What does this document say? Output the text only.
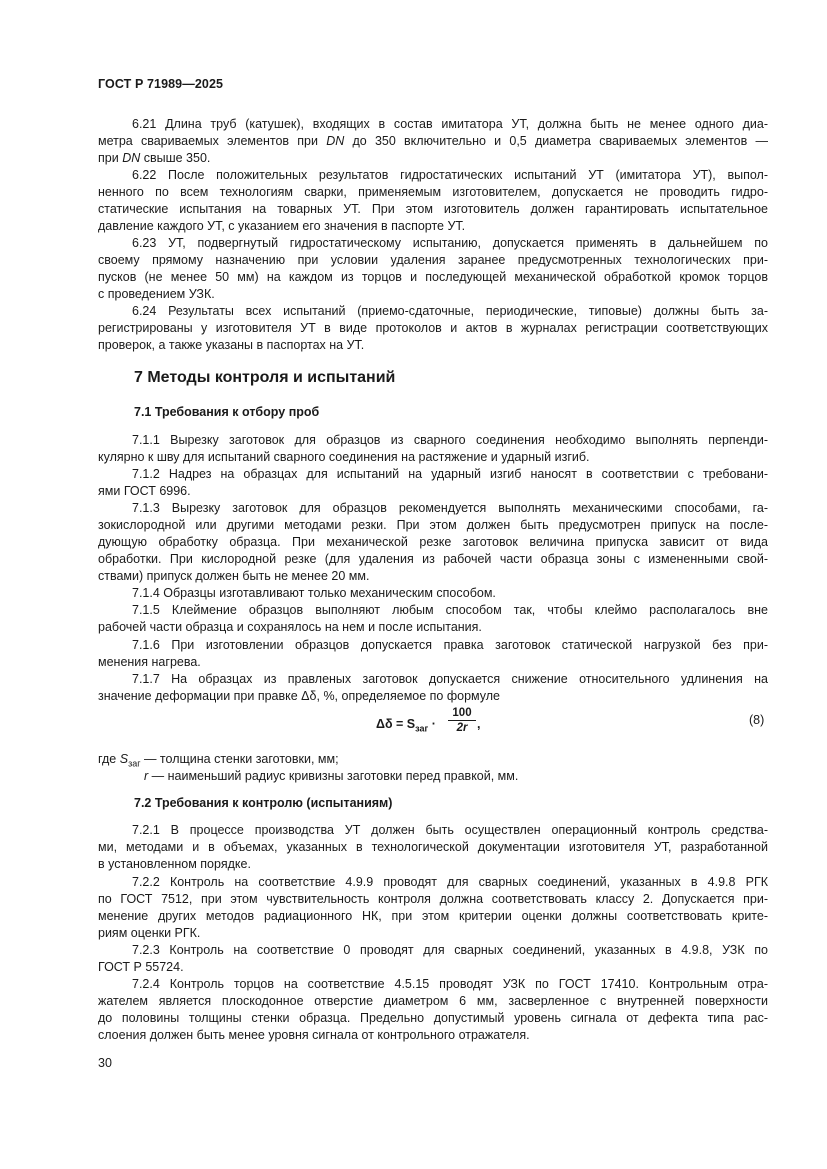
ГОСТ Р 71989—2025
6.21 Длина труб (катушек), входящих в состав имитатора УТ, должна быть не менее одного диа-
метра свариваемых элементов при DN до 350 включительно и 0,5 диаметра свариваемых элементов —
при DN свыше 350.
6.22 После положительных результатов гидростатических испытаний УТ (имитатора УТ), выпол-
ненного по всем технологиям сварки, применяемым изготовителем, допускается не проводить гидро-
статические испытания на товарных УТ. При этом изготовитель должен гарантировать испытательное
давление каждого УТ, с указанием его значения в паспорте УТ.
6.23 УТ, подвергнутый гидростатическому испытанию, допускается применять в дальнейшем по
своему прямому назначению при условии удаления заранее предусмотренных технологических при-
пусков (не менее 50 мм) на каждом из торцов и последующей механической обработкой кромок торцов
с проведением УЗК.
6.24 Результаты всех испытаний (приемо-сдаточные, периодические, типовые) должны быть за-
регистрированы у изготовителя УТ в виде протоколов и актов в журналах регистрации соответствующих
проверок, а также указаны в паспортах на УТ.
7 Методы контроля и испытаний
7.1 Требования к отбору проб
7.1.1 Вырезку заготовок для образцов из сварного соединения необходимо выполнять перпенди-
кулярно к шву для испытаний сварного соединения на растяжение и ударный изгиб.
7.1.2 Надрез на образцах для испытаний на ударный изгиб наносят в соответствии с требовани-
ями ГОСТ 6996.
7.1.3 Вырезку заготовок для образцов рекомендуется выполнять механическими способами, га-
зокислородной или другими методами резки. При этом должен быть предусмотрен припуск на после-
дующую обработку образца. При механической резке заготовок величина припуска зависит от вида
обработки. При кислородной резке (для удаления из рабочей части образца зоны с измененными свой-
ствами) припуск должен быть не менее 20 мм.
7.1.4 Образцы изготавливают только механическим способом.
7.1.5 Клеймение образцов выполняют любым способом так, чтобы клеймо располагалось вне
рабочей части образца и сохранялось на нем и после испытания.
7.1.6 При изготовлении образцов допускается правка заготовок статической нагрузкой без при-
менения нагрева.
7.1.7 На образцах из правленых заготовок допускается снижение относительного удлинения на
значение деформации при правке Δδ, %, определяемое по формуле
$\Delta\delta = S_{заг} \cdot \frac{100}{2r}$ ,	(8)
где $S_{заг}$ — толщина стенки заготовки, мм;
r — наименьший радиус кривизны заготовки перед правкой, мм.
7.2 Требования к контролю (испытаниям)
7.2.1 В процессе производства УТ должен быть осуществлен операционный контроль средства-
ми, методами и в объемах, указанных в технологической документации изготовителя УТ, разработанной
в установленном порядке.
7.2.2 Контроль на соответствие 4.9.9 проводят для сварных соединений, указанных в 4.9.8 РГК
по ГОСТ 7512, при этом чувствительность контроля должна соответствовать классу 2. Допускается при-
менение других методов радиационного НК, при этом критерии оценки должны соответствовать крите-
риям оценки РГК.
7.2.3 Контроль на соответствие 0 проводят для сварных соединений, указанных в 4.9.8, УЗК по
ГОСТ Р 55724.
7.2.4 Контроль торцов на соответствие 4.5.15 проводят УЗК по ГОСТ 17410. Контрольным отра-
жателем является плоскодонное отверстие диаметром 6 мм, засверленное с внутренней поверхности
до половины толщины стенки образца. Предельно допустимый уровень сигнала от дефекта типа рас-
слоения должен быть менее уровня сигнала от контрольного отражателя.
30
